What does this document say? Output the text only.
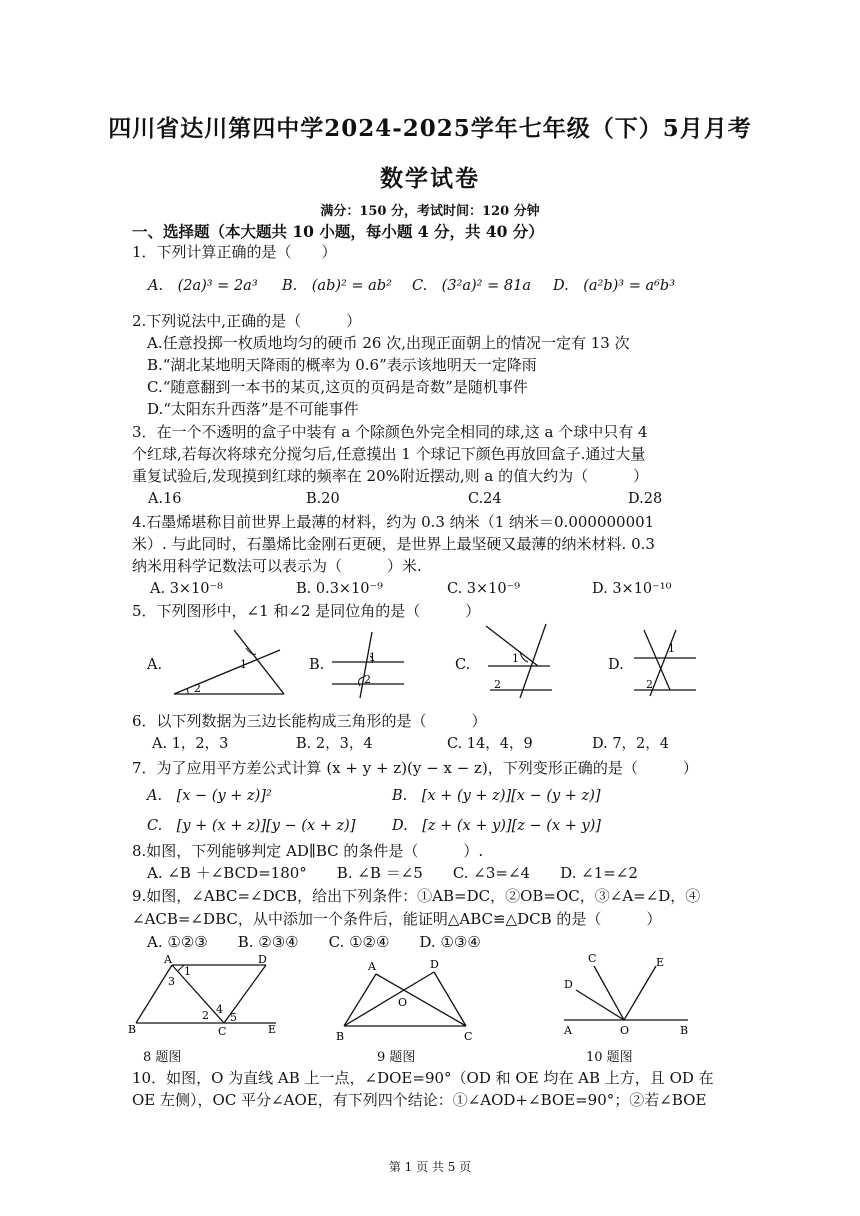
四川省达川第四中学2024-2025学年七年级（下）5月月考
数学试卷
满分：150 分，考试时间：120 分钟
一、选择题（本大题共 10 小题，每小题 4 分，共 40 分）
1．下列计算正确的是（　　）
A.　(2a)³ = 2a³ B.　(ab)² = ab² C.　(3²a)² = 81a D.　(a²b)³ = a⁶b³
2.下列说法中,正确的是（　　　）
A.任意投掷一枚质地均匀的硬币 26 次,出现正面朝上的情况一定有 13 次
B.“湖北某地明天降雨的概率为 0.6”表示该地明天一定降雨
C.“随意翻到一本书的某页,这页的页码是奇数”是随机事件
D.“太阳东升西落”是不可能事件
3．在一个不透明的盒子中装有 a 个除颜色外完全相同的球,这 a 个球中只有 4
个红球,若每次将球充分搅匀后,任意摸出 1 个球记下颜色再放回盒子.通过大量
重复试验后,发现摸到红球的频率在 20%附近摆动,则 a 的值大约为（　　　）
A.16	B.20	C.24	D.28
4.石墨烯堪称目前世界上最薄的材料，约为 0.3 纳米（1 纳米＝0.000000001
米）. 与此同时，石墨烯比金刚石更硬，是世界上最坚硬又最薄的纳米材料. 0.3
纳米用科学记数法可以表示为（　　　）米.
A. 3×10⁻⁸	B. 0.3×10⁻⁹	C. 3×10⁻⁹	D. 3×10⁻¹⁰
5．下列图形中，∠1 和∠2 是同位角的是（　　　）
A.	B.	C.	D.
1
2
1
2
1
2
1
2
6．以下列数据为三边长能构成三角形的是（　　　）
A. 1，2，3	B. 2，3，4	C. 14，4，9	D. 7，2，4
7．为了应用平方差公式计算 (x + y + z)(y − x − z)，下列变形正确的是（　　　）
A.　[x − (y + z)]²	B.　[x + (y + z)][x − (y + z)]
C.　[y + (x + z)][y − (x + z)]	D.　[z + (x + y)][z − (x + y)]
8.如图，下列能够判定 AD∥BC 的条件是（　　　）.
A. ∠B ＋∠BCD=180°　　B. ∠B ＝∠5　　C. ∠3=∠4　　D. ∠1=∠2
9.如图，∠ABC=∠DCB，给出下列条件：①AB=DC，②OB=OC，③∠A=∠D，④
∠ACB=∠DBC，从中添加一个条件后，能证明△ABC≌△DCB 的是（　　　）
A. ①②③　　B. ②③④　　C. ①②④　　D. ①③④
A	D
B	C	E
1
3
4
2 5
8 题图
A	D
B	C
O
9 题图
C	E
D
A	O	B
10 题图
10．如图，O 为直线 AB 上一点，∠DOE=90°（OD 和 OE 均在 AB 上方，且 OD 在
OE 左侧），OC 平分∠AOE，有下列四个结论：①∠AOD+∠BOE=90°；②若∠BOE
第 1 页 共 5 页
